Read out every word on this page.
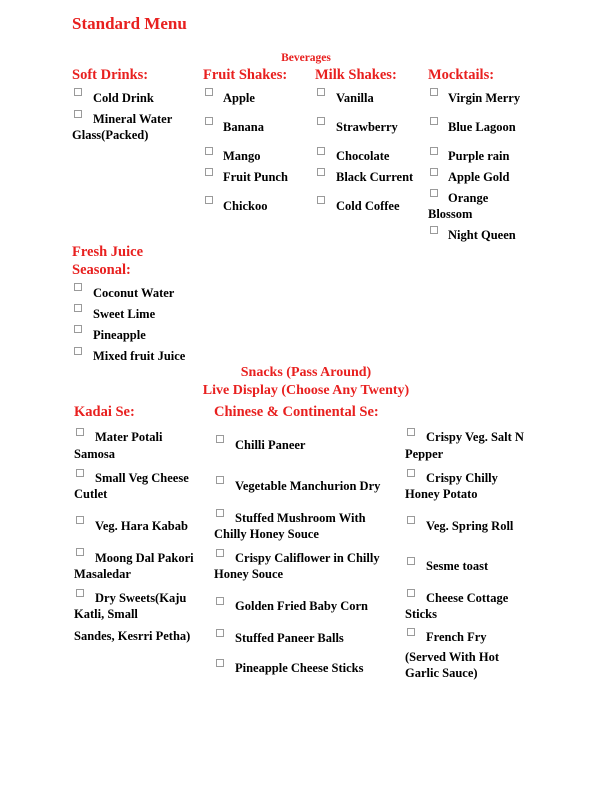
Standard Menu
Beverages
Soft Drinks:	Fruit Shakes: Milk Shakes: Mocktails:
Cold Drink
Mineral Water
Glass(Packed)
Apple
Banana
Mango
Fruit Punch
Chickoo
Vanilla
Strawberry
Chocolate
Black Current
Cold Coffee
Virgin Merry
Blue Lagoon
Purple rain
Apple Gold
Orange
Blossom
Night Queen
Fresh Juice
Seasonal:
Coconut Water
Sweet Lime
Pineapple
Mixed fruit Juice
Snacks (Pass Around)
Live Display (Choose Any Twenty)
Kadai Se:	Chinese & Continental Se:
Mater Potali
Samosa
Small Veg Cheese
Cutlet
Veg. Hara Kabab
Moong Dal Pakori
Masaledar
Dry Sweets(Kaju
Katli, Small
Sandes, Kesrri Petha)
Chilli Paneer
Vegetable Manchurion Dry
Stuffed Mushroom With
Chilly Honey Souce
Crispy Califlower in Chilly
Honey Souce
Golden Fried Baby Corn
Stuffed Paneer Balls
Pineapple Cheese Sticks
Crispy Veg. Salt N
Pepper
Crispy Chilly
Honey Potato
Veg. Spring Roll
Sesme toast
Cheese Cottage
Sticks
French Fry
(Served With Hot
Garlic Sauce)
